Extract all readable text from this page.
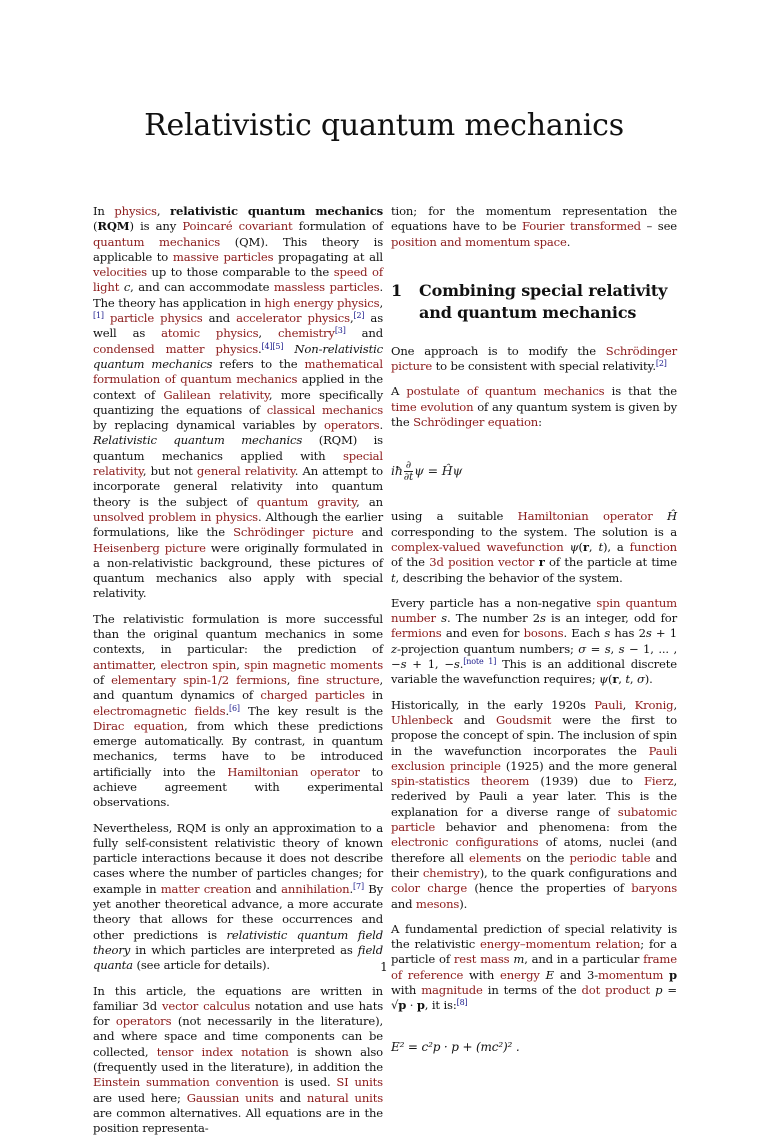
Relativistic quantum mechanics

In physics, relativistic quantum mechanics (RQM) is any Poincaré covariant formulation of quantum mechanics (QM). This theory is applicable to massive particles propagating at all velocities up to those comparable to the speed of light c, and can accommodate massless particles. The theory has application in high energy physics,[1] particle physics and accelerator physics,[2] as well as atomic physics, chemistry[3] and condensed matter physics.[4][5] Non-relativistic quantum mechanics refers to the mathematical formulation of quantum mechanics applied in the context of Galilean relativity, more specifically quantizing the equations of classical mechanics by replacing dynamical variables by operators. Relativistic quantum mechanics (RQM) is quantum mechanics applied with special relativity, but not general relativity. An attempt to incorporate general relativity into quantum theory is the subject of quantum gravity, an unsolved problem in physics. Although the earlier formulations, like the Schrödinger picture and Heisenberg picture were originally formulated in a non-relativistic background, these pictures of quantum mechanics also apply with special relativity.

The relativistic formulation is more successful than the original quantum mechanics in some contexts, in particular: the prediction of antimatter, electron spin, spin magnetic moments of elementary spin-1/2 fermions, fine structure, and quantum dynamics of charged particles in electromagnetic fields.[6] The key result is the Dirac equation, from which these predictions emerge automatically. By contrast, in quantum mechanics, terms have to be introduced artificially into the Hamiltonian operator to achieve agreement with experimental observations.

Nevertheless, RQM is only an approximation to a fully self-consistent relativistic theory of known particle interactions because it does not describe cases where the number of particles changes; for example in matter creation and annihilation.[7] By yet another theoretical advance, a more accurate theory that allows for these occurrences and other predictions is relativistic quantum field theory in which particles are interpreted as field quanta (see article for details).

In this article, the equations are written in familiar 3d vector calculus notation and use hats for operators (not necessarily in the literature), and where space and time components can be collected, tensor index notation is shown also (frequently used in the literature), in addition the Einstein summation convention is used. SI units are used here; Gaussian units and natural units are common alternatives. All equations are in the position representa-

tion; for the momentum representation the equations have to be Fourier transformed – see position and momentum space.

1	Combining special relativity and quantum mechanics

One approach is to modify the Schrödinger picture to be consistent with special relativity.[2]

A postulate of quantum mechanics is that the time evolution of any quantum system is given by the Schrödinger equation:

iħ $\frac{\partial}{\partial t}$ ψ = Ĥψ

using a suitable Hamiltonian operator Ĥ corresponding to the system. The solution is a complex-valued wavefunction ψ(r, t), a function of the 3d position vector r of the particle at time t, describing the behavior of the system.

Every particle has a non-negative spin quantum number s. The number 2s is an integer, odd for fermions and even for bosons. Each s has 2s + 1 z-projection quantum numbers; σ = s, s − 1, ... , −s + 1, −s.[note 1] This is an additional discrete variable the wavefunction requires; ψ(r, t, σ).

Historically, in the early 1920s Pauli, Kronig, Uhlenbeck and Goudsmit were the first to propose the concept of spin. The inclusion of spin in the wavefunction incorporates the Pauli exclusion principle (1925) and the more general spin-statistics theorem (1939) due to Fierz, rederived by Pauli a year later. This is the explanation for a diverse range of subatomic particle behavior and phenomena: from the electronic configurations of atoms, nuclei (and therefore all elements on the periodic table and their chemistry), to the quark configurations and color charge (hence the properties of baryons and mesons).

A fundamental prediction of special relativity is the relativistic energy–momentum relation; for a particle of rest mass m, and in a particular frame of reference with energy E and 3-momentum p with magnitude in terms of the dot product p = √p · p, it is:[8]

E² = c²p · p + (mc²)² .
1
